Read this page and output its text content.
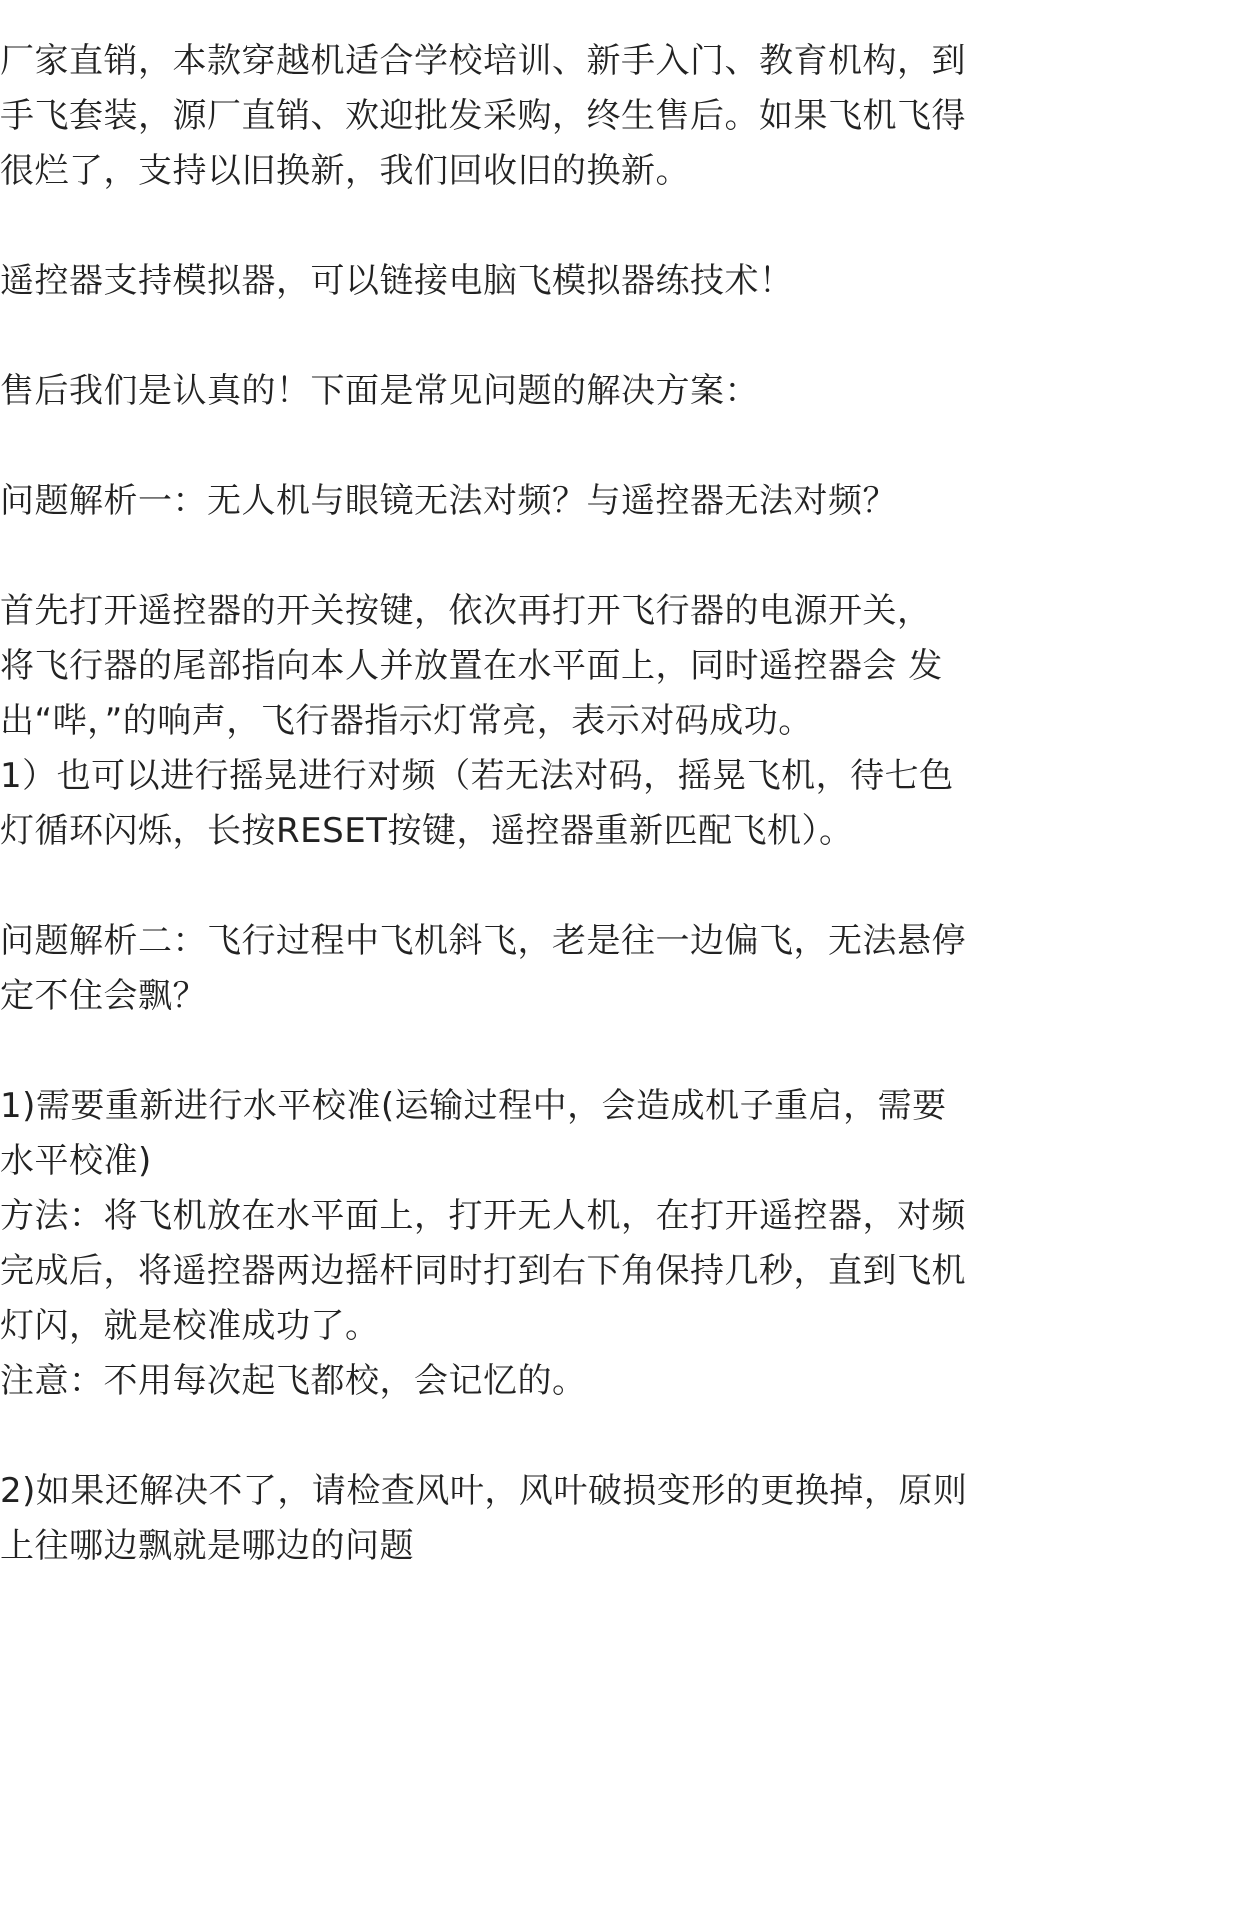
厂家直销，本款穿越机适合学校培训、新手入门、教育机构，到
手飞套装，源厂直销、欢迎批发采购，终生售后。如果飞机飞得
很烂了，支持以旧换新，我们回收旧的换新。

遥控器支持模拟器，可以链接电脑飞模拟器练技术！

售后我们是认真的！下面是常见问题的解决方案：

问题解析一：无人机与眼镜无法对频？与遥控器无法对频？

首先打开遥控器的开关按键，依次再打开飞行器的电源开关，
将飞行器的尾部指向本人并放置在水平面上，同时遥控器会 发
出“哔，”的响声，飞行器指示灯常亮，表示对码成功。
1）也可以进行摇晃进行对频（若无法对码，摇晃飞机，待七色
灯循环闪烁，长按RESET按键，遥控器重新匹配飞机）。

问题解析二：飞行过程中飞机斜飞，老是往一边偏飞，无法悬停
定不住会飘？

1)需要重新进行水平校准(运输过程中，会造成机子重启，需要
水平校准)
方法：将飞机放在水平面上，打开无人机，在打开遥控器，对频
完成后，将遥控器两边摇杆同时打到右下角保持几秒，直到飞机
灯闪，就是校准成功了。
注意：不用每次起飞都校，会记忆的。

2)如果还解决不了，请检查风叶，风叶破损变形的更换掉，原则
上往哪边飘就是哪边的问题
